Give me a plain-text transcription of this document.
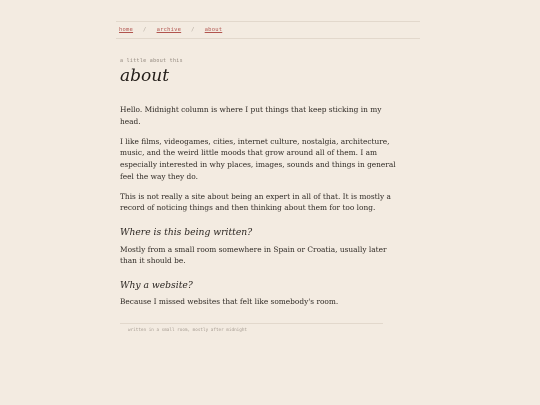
home / archive / about
a little about this
about

Hello. Midnight column is where I put things that keep sticking in my head.

I like films, videogames, cities, internet culture, nostalgia, architecture, music, and the weird little moods that grow around all of them. I am especially interested in why places, images, sounds and things in general feel the way they do.

This is not really a site about being an expert in all of that. It is mostly a record of noticing things and then thinking about them for too long.

Where is this being written?

Mostly from a small room somewhere in Spain or Croatia, usually later than it should be.

Why a website?

Because I missed websites that felt like somebody's room.

written in a small room, mostly after midnight
